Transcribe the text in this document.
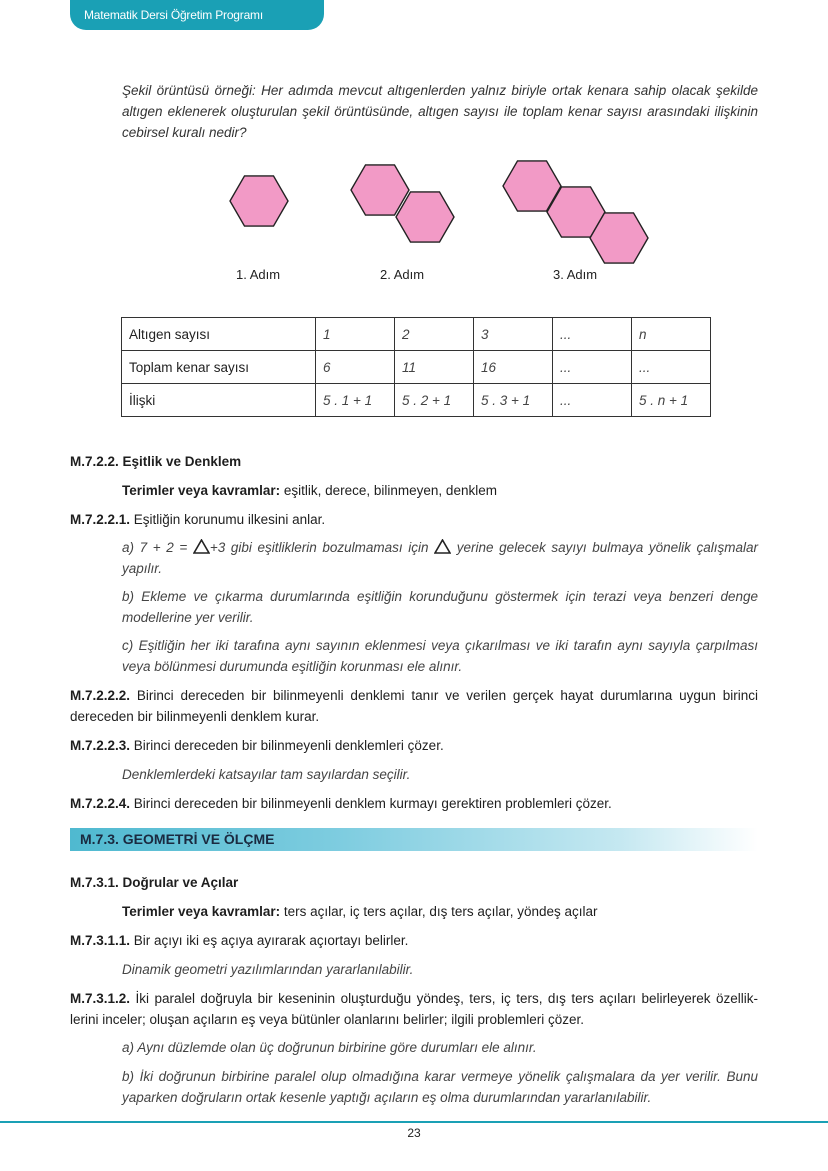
Matematik Dersi Öğretim Programı
Şekil örüntüsü örneği: Her adımda mevcut altıgenlerden yalnız biriyle ortak kenara sahip olacak şekilde altıgen eklenerek oluşturulan şekil örüntüsünde, altıgen sayısı ile toplam kenar sayısı arasındaki ilişkinin cebirsel kuralı nedir?
1. Adım	2. Adım	3. Adım
Altıgen sayısı	1	2	3	...	n
Toplam kenar sayısı	6	11	16	...	...
İlişki	5 . 1 + 1	5 . 2 + 1	5 . 3 + 1	...	5 . n + 1
M.7.2.2. Eşitlik ve Denklem
Terimler veya kavramlar: eşitlik, derece, bilinmeyen, denklem
M.7.2.2.1. Eşitliğin korunumu ilkesini anlar.
a) 7 + 2 = +3 gibi eşitliklerin bozulmaması için  yerine gelecek sayıyı bulmaya yönelik çalışmalar yapılır.
b) Ekleme ve çıkarma durumlarında eşitliğin korunduğunu göstermek için terazi veya benzeri denge modellerine yer verilir.
c) Eşitliğin her iki tarafına aynı sayının eklenmesi veya çıkarılması ve iki tarafın aynı sayıyla çarpılması veya bölünmesi durumunda eşitliğin korunması ele alınır.
M.7.2.2.2. Birinci dereceden bir bilinmeyenli denklemi tanır ve verilen gerçek hayat durumlarına uygun birinci dereceden bir bilinmeyenli denklem kurar.
M.7.2.2.3. Birinci dereceden bir bilinmeyenli denklemleri çözer.
Denklemlerdeki katsayılar tam sayılardan seçilir.
M.7.2.2.4. Birinci dereceden bir bilinmeyenli denklem kurmayı gerektiren problemleri çözer.
M.7.3. GEOMETRİ VE ÖLÇME
M.7.3.1. Doğrular ve Açılar
Terimler veya kavramlar: ters açılar, iç ters açılar, dış ters açılar, yöndeş açılar
M.7.3.1.1. Bir açıyı iki eş açıya ayırarak açıortayı belirler.
Dinamik geometri yazılımlarından yararlanılabilir.
M.7.3.1.2. İki paralel doğruyla bir keseninin oluşturduğu yöndeş, ters, iç ters, dış ters açıları belirleyerek özellik-lerini inceler; oluşan açıların eş veya bütünler olanlarını belirler; ilgili problemleri çözer.
a) Aynı düzlemde olan üç doğrunun birbirine göre durumları ele alınır.
b) İki doğrunun birbirine paralel olup olmadığına karar vermeye yönelik çalışmalara da yer verilir. Bunu yaparken doğruların ortak kesenle yaptığı açıların eş olma durumlarından yararlanılabilir.
23
